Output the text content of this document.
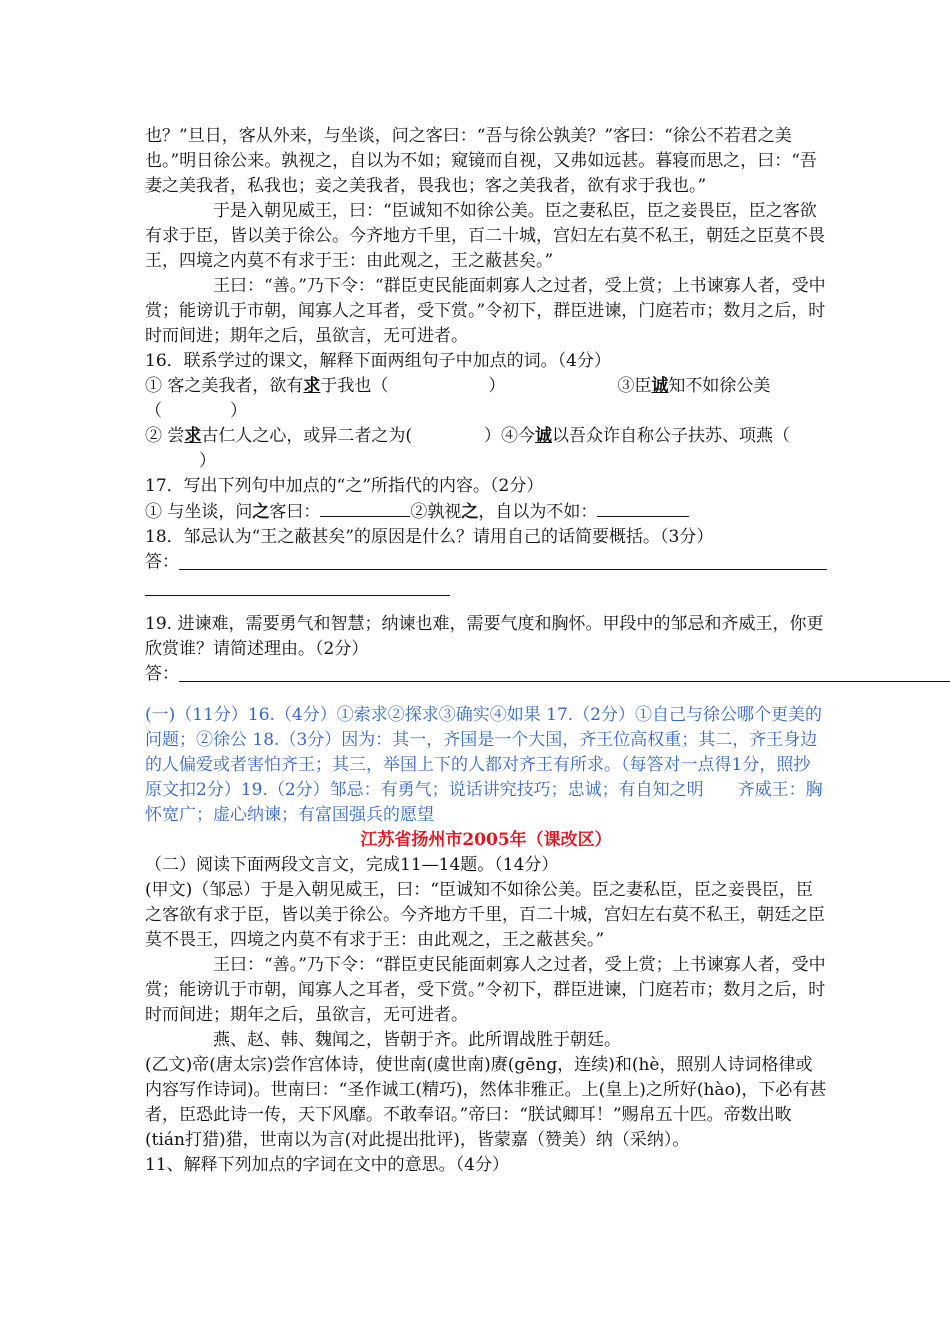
也？”旦日，客从外来，与坐谈，问之客曰：“吾与徐公孰美？”客曰：“徐公不若君之美也。”明日徐公来。孰视之，自以为不如；窥镜而自视，又弗如远甚。暮寝而思之，曰：“吾妻之美我者，私我也；妾之美我者，畏我也；客之美我者，欲有求于我也。”

于是入朝见威王，曰：“臣诚知不如徐公美。臣之妻私臣，臣之妾畏臣，臣之客欲有求于臣，皆以美于徐公。今齐地方千里，百二十城，宫妇左右莫不私王，朝廷之臣莫不畏王，四境之内莫不有求于王：由此观之，王之蔽甚矣。”

王曰：“善。”乃下令：“群臣吏民能面刺寡人之过者，受上赏；上书谏寡人者，受中赏；能谤讥于市朝，闻寡人之耳者，受下赏。”令初下，群臣进谏，门庭若市；数月之后，时时而间进；期年之后，虽欲言，无可进者。

16．联系学过的课文，解释下面两组句子中加点的词。（4分）

① 客之美我者，欲有求于我也（	）	③臣诚知不如徐公美 （　　　　）

② 尝求古仁人之心，或异二者之为(	）④今诚以吾众诈自称公子扶苏、项燕（）

17．写出下列句中加点的“之”所指代的内容。（2分）

① 与坐谈，问之客曰：	②孰视之，自以为不如：

18．邹忌认为“王之蔽甚矣”的原因是什么？请用自己的话简要概括。（3分）

答：

19. 进谏难，需要勇气和智慧；纳谏也难，需要气度和胸怀。甲段中的邹忌和齐威王，你更欣赏谁？请简述理由。（2分）

答：

(一)（11分）16.（4分）①索求②探求③确实④如果 17.（2分）①自己与徐公哪个更美的问题；②徐公 18.（3分）因为：其一，齐国是一个大国，齐王位高权重；其二，齐王身边的人偏爱或者害怕齐王；其三，举国上下的人都对齐王有所求。（每答对一点得1分，照抄原文扣2分）19.（2分）邹忌：有勇气；说话讲究技巧；忠诚；有自知之明　　齐威王：胸怀宽广；虚心纳谏；有富国强兵的愿望

江苏省扬州市2005年（课改区）

（二）阅读下面两段文言文，完成11—14题。（14分）

(甲文)（邹忌）于是入朝见威王，曰：“臣诚知不如徐公美。臣之妻私臣，臣之妾畏臣，臣之客欲有求于臣，皆以美于徐公。今齐地方千里，百二十城，宫妇左右莫不私王，朝廷之臣莫不畏王，四境之内莫不有求于王：由此观之，王之蔽甚矣。”

王曰：“善。”乃下令：“群臣吏民能面刺寡人之过者，受上赏；上书谏寡人者，受中赏；能谤讥于市朝，闻寡人之耳者，受下赏。”令初下，群臣进谏，门庭若市；数月之后，时时而间进；期年之后，虽欲言，无可进者。

燕、赵、韩、魏闻之，皆朝于齐。此所谓战胜于朝廷。

(乙文)帝(唐太宗)尝作宫体诗，使世南(虞世南)赓(gēng，连续)和(hè，照别人诗词格律或内容写作诗词)。世南曰：“圣作诚工(精巧)，然体非雅正。上(皇上)之所好(hào)，下必有甚者，臣恐此诗一传，天下风靡。不敢奉诏。”帝曰：“朕试卿耳！”赐帛五十匹。帝数出畋(tián打猎)猎，世南以为言(对此提出批评)，皆蒙嘉（赞美）纳（采纳）。

11、解释下列加点的字词在文中的意思。（4分）
